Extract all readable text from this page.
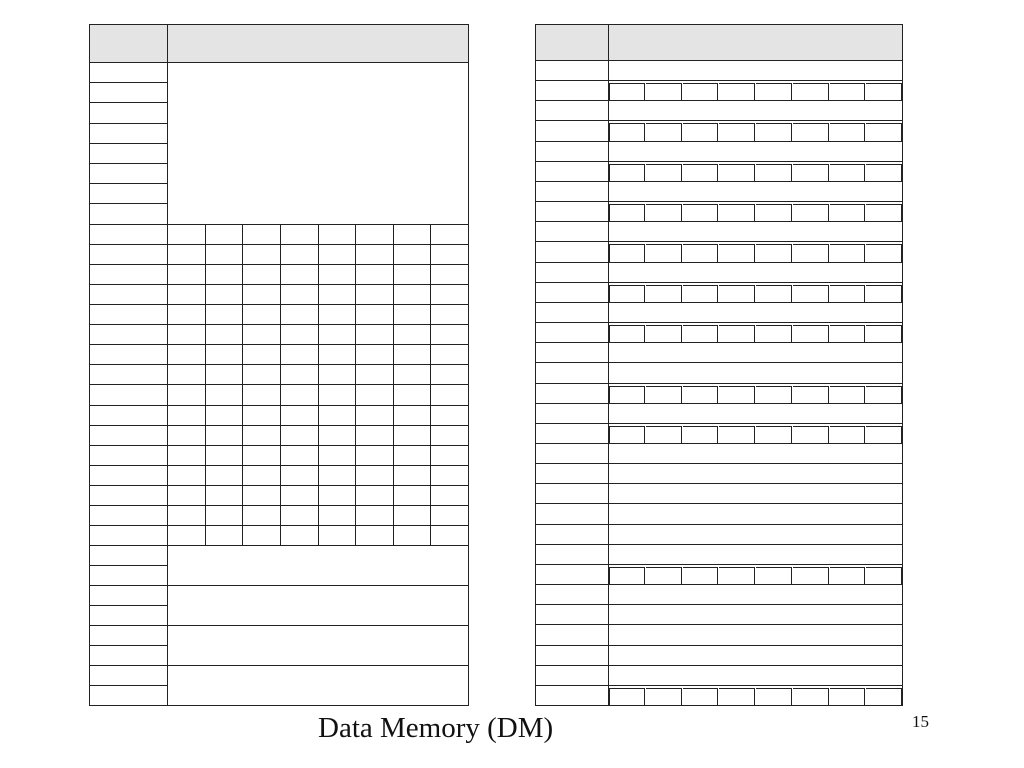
Data Memory (DM)	15
